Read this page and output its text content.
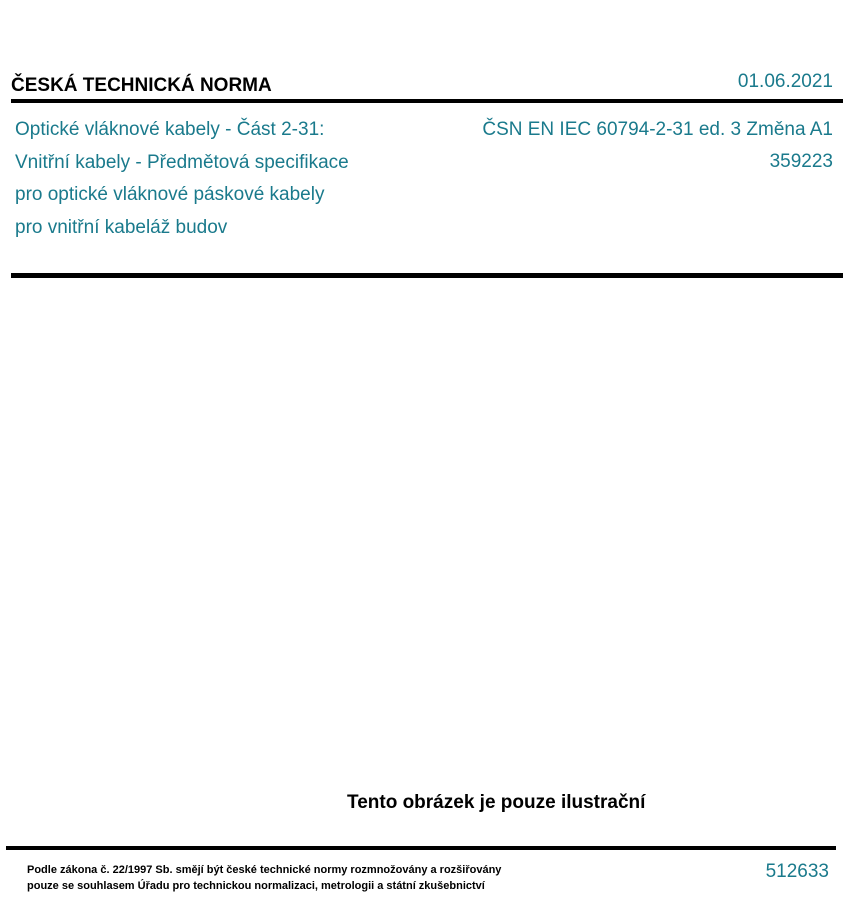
ČESKÁ TECHNICKÁ NORMA	01.06.2021
Optické vláknové kabely - Část 2-31:
Vnitřní kabely - Předmětová specifikace
pro optické vláknové páskové kabely
pro vnitřní kabeláž budov
ČSN EN IEC 60794-2-31 ed. 3 Změna A1
359223
Tento obrázek je pouze ilustrační
Podle zákona č. 22/1997 Sb. smějí být české technické normy rozmnožovány a rozšiřovány
pouze se souhlasem Úřadu pro technickou normalizaci, metrologii a státní zkušebnictví
512633
